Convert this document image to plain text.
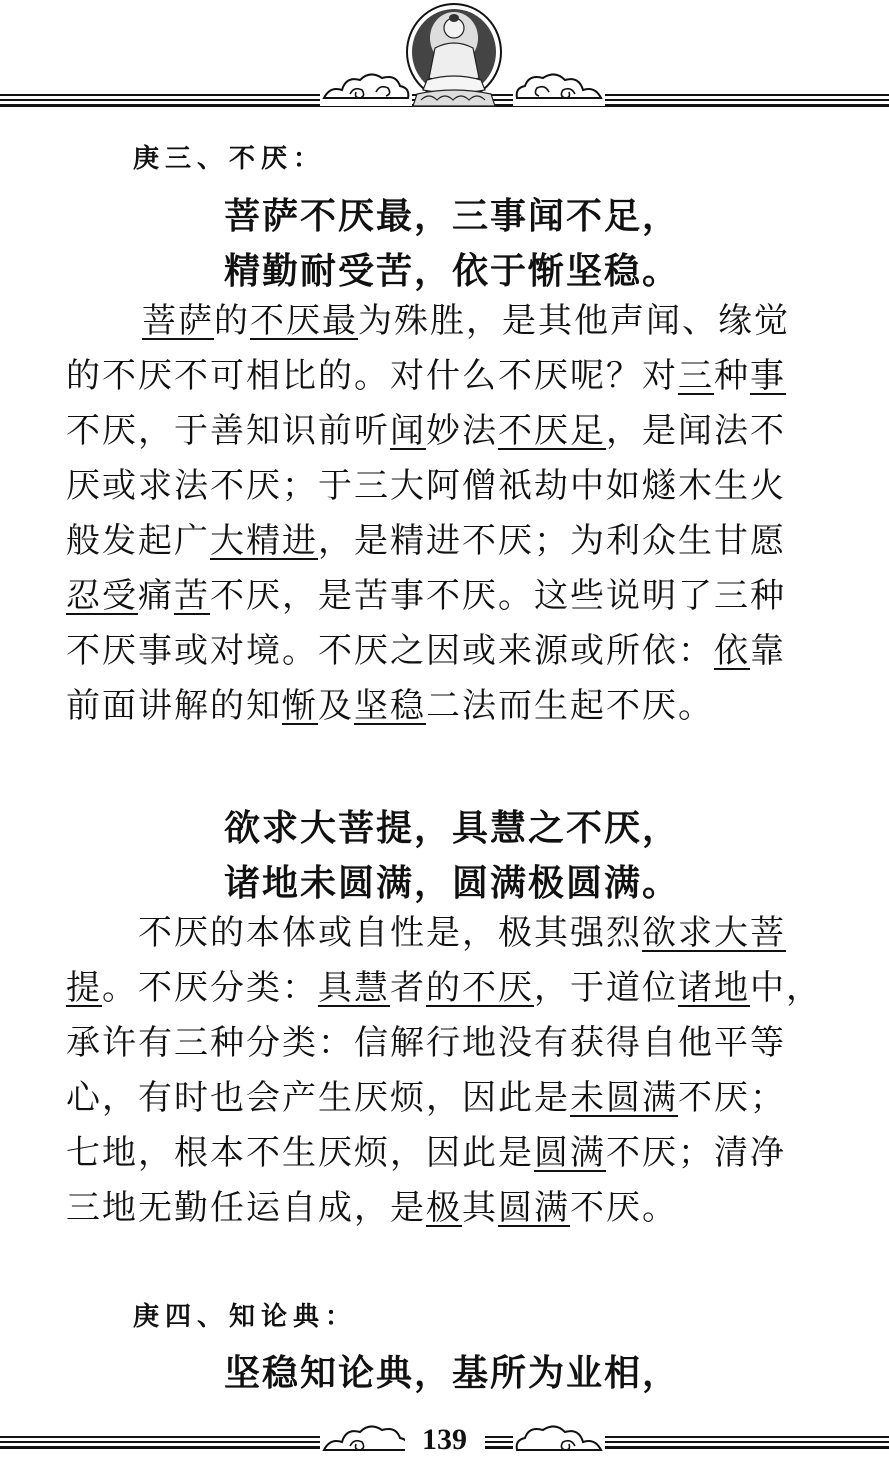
庚三、不厌：
菩萨不厌最，三事闻不足，
精勤耐受苦，依于惭坚稳。
菩萨的不厌最为殊胜，是其他声闻、缘觉
的不厌不可相比的。对什么不厌呢？对三种事
不厌，于善知识前听闻妙法不厌足，是闻法不
厌或求法不厌；于三大阿僧祇劫中如燧木生火
般发起广大精进，是精进不厌；为利众生甘愿
忍受痛苦不厌，是苦事不厌。这些说明了三种
不厌事或对境。不厌之因或来源或所依：依靠
前面讲解的知惭及坚稳二法而生起不厌。
欲求大菩提，具慧之不厌，
诸地未圆满，圆满极圆满。
　　不厌的本体或自性是，极其强烈欲求大菩
提。不厌分类：具慧者的不厌，于道位诸地中，
承许有三种分类：信解行地没有获得自他平等
心，有时也会产生厌烦，因此是未圆满不厌；
七地，根本不生厌烦，因此是圆满不厌；清净
三地无勤任运自成，是极其圆满不厌。
庚四、知论典：
坚稳知论典，基所为业相，
139
